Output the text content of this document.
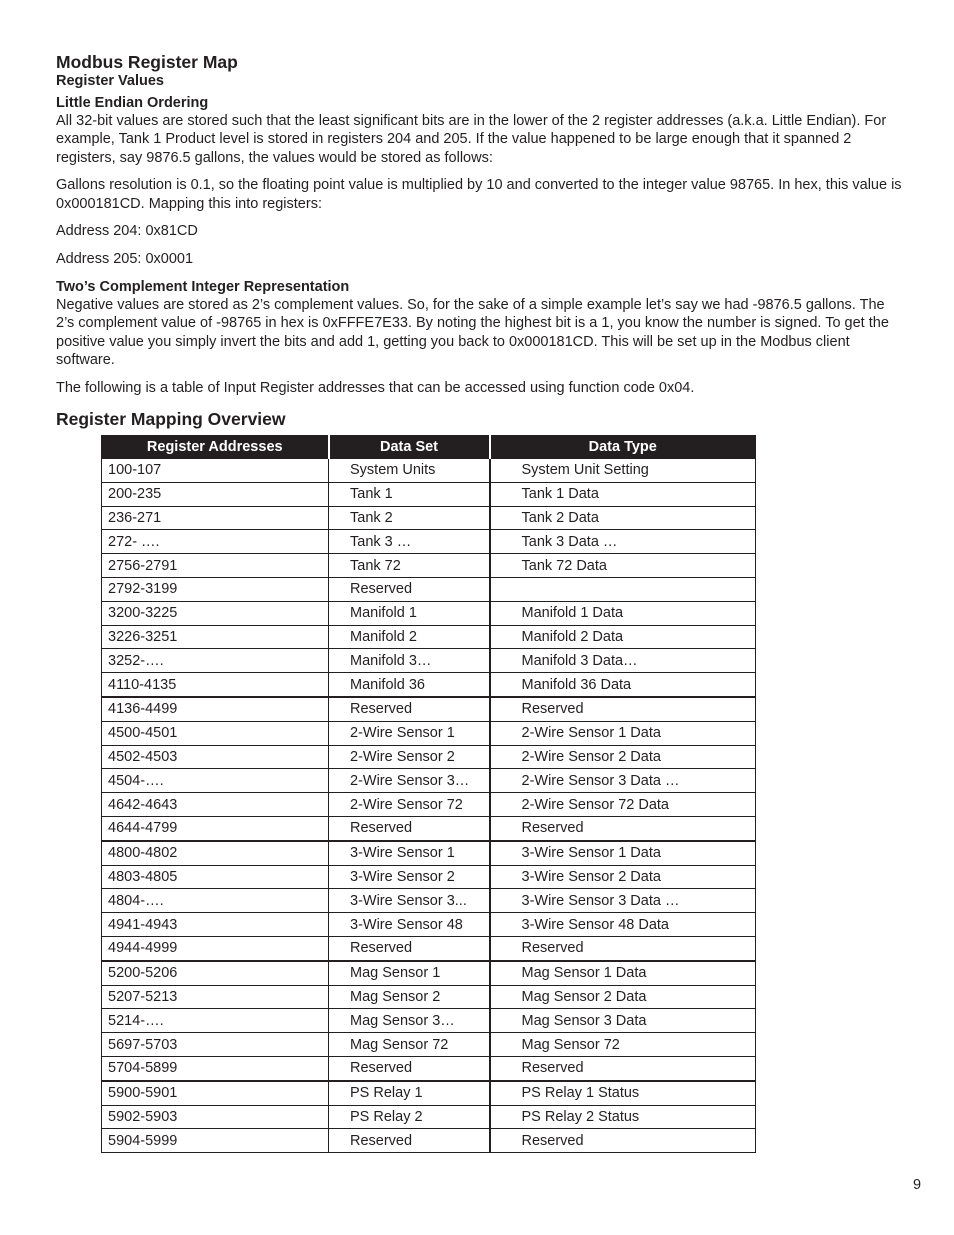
Modbus Register Map
Register Values
Little Endian Ordering

All 32-bit values are stored such that the least significant bits are in the lower of the 2 register addresses (a.k.a. Little Endian). For example, Tank 1 Product level is stored in registers 204 and 205. If the value happened to be large enough that it spanned 2 registers, say 9876.5 gallons, the values would be stored as follows:

Gallons resolution is 0.1, so the floating point value is multiplied by 10 and converted to the integer value 98765. In hex, this value is 0x000181CD. Mapping this into registers:

Address 204: 0x81CD

Address 205: 0x0001

Two’s Complement Integer Representation

Negative values are stored as 2’s complement values. So, for the sake of a simple example let’s say we had -9876.5 gallons. The 2’s complement value of -98765 in hex is 0xFFFE7E33. By noting the highest bit is a 1, you know the number is signed. To get the positive value you simply invert the bits and add 1, getting you back to 0x000181CD. This will be set up in the Modbus client software.

The following is a table of Input Register addresses that can be accessed using function code 0x04.

Register Mapping Overview
Register Addresses	Data Set	Data Type
100-107	System Units	System Unit Setting
200-235	Tank 1	Tank 1 Data
236-271	Tank 2	Tank 2 Data
272- ….	Tank 3 …	Tank 3 Data …
2756-2791	Tank 72	Tank 72 Data
2792-3199	Reserved	
3200-3225	Manifold 1	Manifold 1 Data
3226-3251	Manifold 2	Manifold 2 Data
3252-….	Manifold 3…	Manifold 3 Data…
4110-4135	Manifold 36	Manifold 36 Data
4136-4499	Reserved	Reserved
4500-4501	2-Wire Sensor 1	2-Wire Sensor 1 Data
4502-4503	2-Wire Sensor 2	2-Wire Sensor 2 Data
4504-….	2-Wire Sensor 3…	2-Wire Sensor 3 Data …
4642-4643	2-Wire Sensor 72	2-Wire Sensor 72 Data
4644-4799	Reserved	Reserved
4800-4802	3-Wire Sensor 1	3-Wire Sensor 1 Data
4803-4805	3-Wire Sensor 2	3-Wire Sensor 2 Data
4804-….	3-Wire Sensor 3...	3-Wire Sensor 3 Data …
4941-4943	3-Wire Sensor 48	3-Wire Sensor 48 Data
4944-4999	Reserved	Reserved
5200-5206	Mag Sensor 1	Mag Sensor 1 Data
5207-5213	Mag Sensor 2	Mag Sensor 2 Data
5214-….	Mag Sensor 3…	Mag Sensor 3 Data
5697-5703	Mag Sensor 72	Mag Sensor 72
5704-5899	Reserved	Reserved
5900-5901	PS Relay 1	PS Relay 1 Status
5902-5903	PS Relay 2	PS Relay 2 Status
5904-5999	Reserved	Reserved
9
